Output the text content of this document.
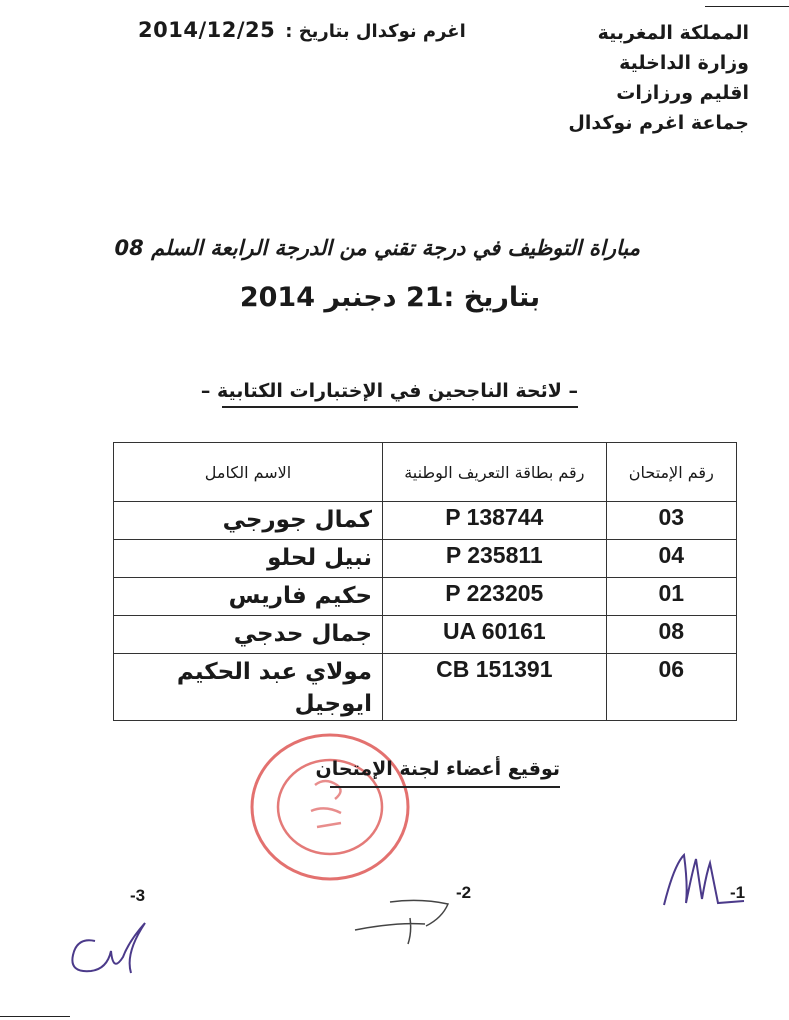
المملكة المغربية
وزارة الداخلية
اقليم ورزازات
جماعة اغرم نوكدال
2014/12/25 اغرم نوكدال بتاريخ :
مباراة التوظيف في درجة تقني من الدرجة الرابعة السلم 08
بتاريخ :21 دجنبر 2014
– لائحة الناجحين في الإختبارات الكتابية –
رقم الإمتحان	رقم بطاقة التعريف الوطنية	الاسم الكامل
03	P 138744	كمال جورجي
04	P 235811	نبيل لحلو
01	P 223205	حكيم فاريس
08	UA 60161	جمال حدجي
06	CB 151391	مولاي عبد الحكيم ايوجيل
توقيع أعضاء لجنة الإمتحان
-1
-2
-3
